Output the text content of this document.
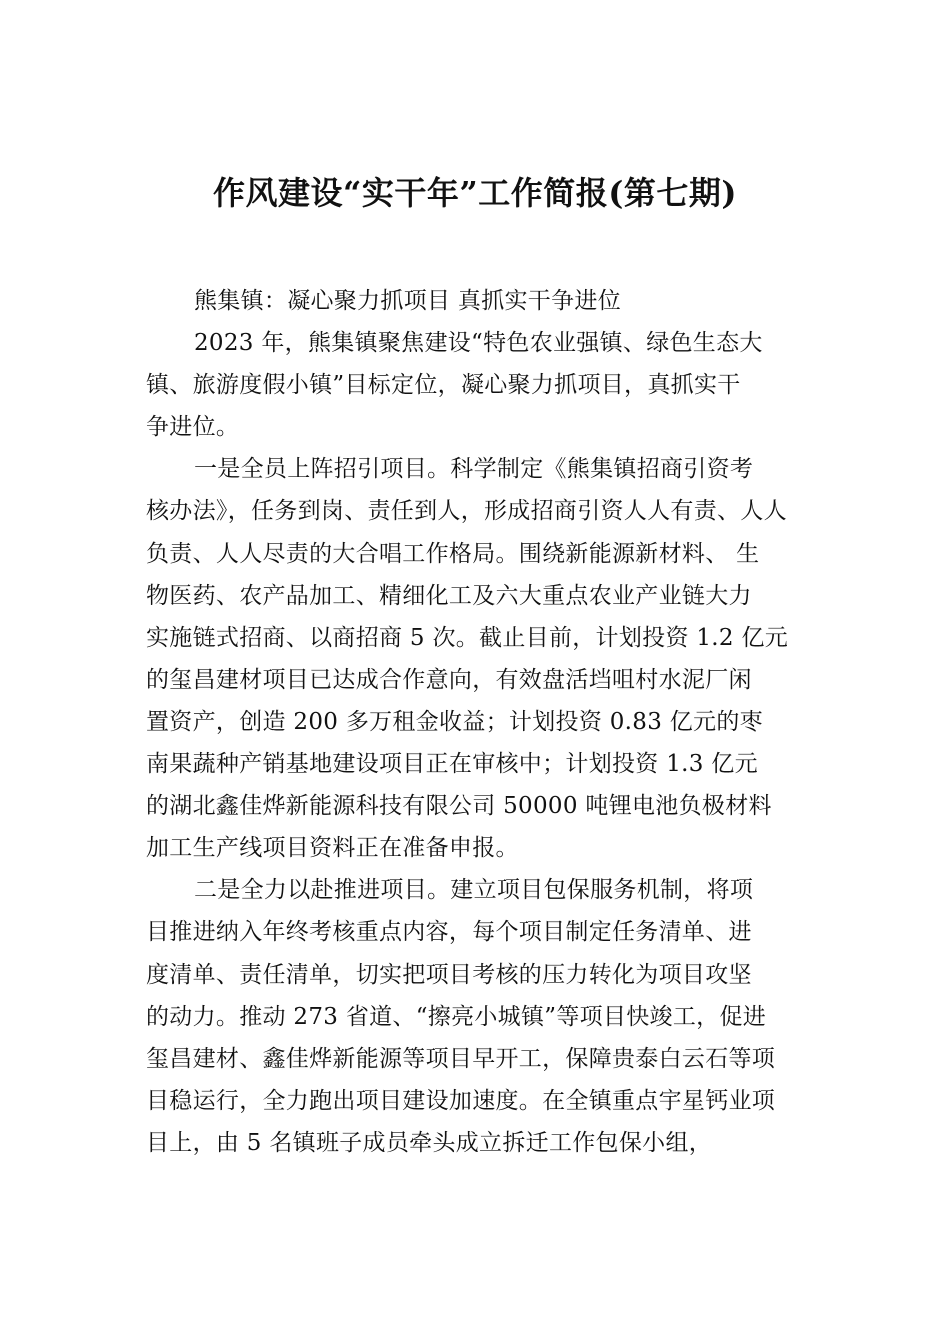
作风建设“实干年”工作简报(第七期)
熊集镇：凝心聚力抓项目 真抓实干争进位
2023 年，熊集镇聚焦建设“特色农业强镇、绿色生态大
镇、旅游度假小镇”目标定位，凝心聚力抓项目，真抓实干
争进位。
一是全员上阵招引项目。科学制定《熊集镇招商引资考
核办法》，任务到岗、责任到人，形成招商引资人人有责、人人
负责、人人尽责的大合唱工作格局。围绕新能源新材料、 生
物医药、农产品加工、精细化工及六大重点农业产业链大力
实施链式招商、以商招商 5 次。截止目前，计划投资 1.2 亿元
的玺昌建材项目已达成合作意向，有效盘活垱咀村水泥厂闲
置资产，创造 200 多万租金收益；计划投资 0.83 亿元的枣
南果蔬种产销基地建设项目正在审核中；计划投资 1.3 亿元
的湖北鑫佳烨新能源科技有限公司 50000 吨锂电池负极材料
加工生产线项目资料正在准备申报。
二是全力以赴推进项目。建立项目包保服务机制，将项
目推进纳入年终考核重点内容，每个项目制定任务清单、进
度清单、责任清单，切实把项目考核的压力转化为项目攻坚
的动力。推动 273 省道、“擦亮小城镇”等项目快竣工，促进
玺昌建材、鑫佳烨新能源等项目早开工，保障贵泰白云石等项
目稳运行，全力跑出项目建设加速度。在全镇重点宇星钙业项
目上，由 5 名镇班子成员牵头成立拆迁工作包保小组，
